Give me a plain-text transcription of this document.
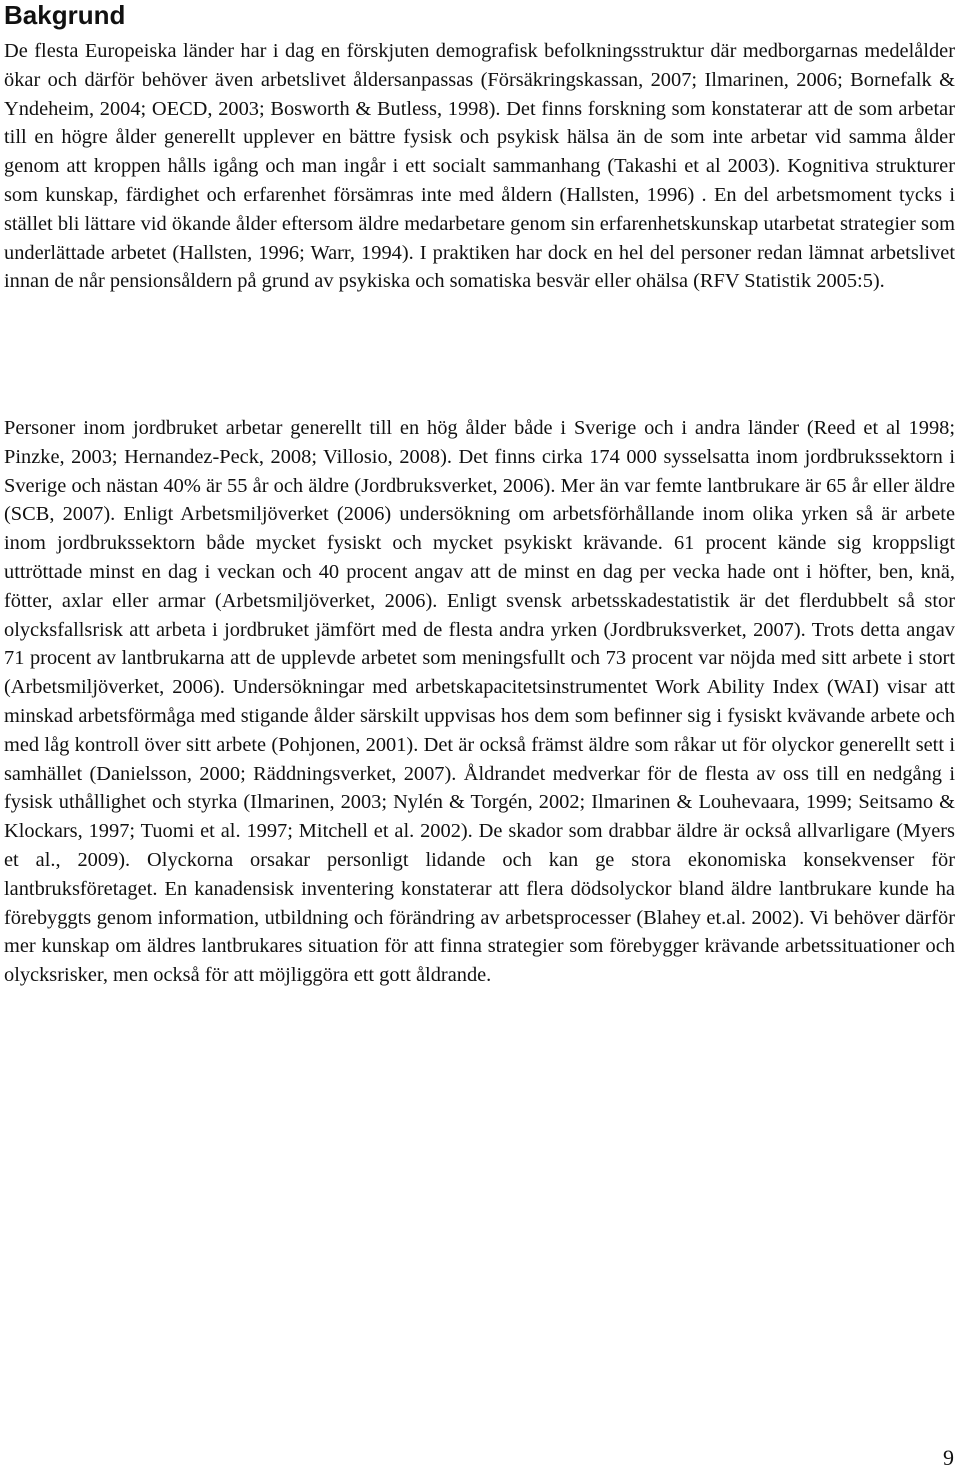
Bakgrund

De flesta Europeiska länder har i dag en förskjuten demografisk befolkningsstruktur där medborgarnas medelålder ökar och därför behöver även arbetslivet åldersanpassas (Försäkringskassan, 2007; Ilmarinen, 2006; Bornefalk & Yndeheim, 2004; OECD, 2003; Bosworth & Butless, 1998). Det finns forskning som konstaterar att de som arbetar till en högre ålder generellt upplever en bättre fysisk och psykisk hälsa än de som inte arbetar vid samma ålder genom att kroppen hålls igång och man ingår i ett socialt sammanhang (Takashi et al 2003). Kognitiva strukturer som kunskap, färdighet och erfarenhet försämras inte med åldern (Hallsten, 1996) . En del arbetsmoment tycks i stället bli lättare vid ökande ålder eftersom äldre medarbetare genom sin erfarenhetskunskap utarbetat strategier som underlättade arbetet (Hallsten, 1996; Warr, 1994). I praktiken har dock en hel del personer redan lämnat arbetslivet innan de når pensionsåldern på grund av psykiska och somatiska besvär eller ohälsa (RFV Statistik 2005:5).

Personer inom jordbruket arbetar generellt till en hög ålder både i Sverige och i andra länder (Reed et al 1998; Pinzke, 2003; Hernandez-Peck, 2008; Villosio, 2008). Det finns cirka 174 000 sysselsatta inom jordbrukssektorn i Sverige och nästan 40% är 55 år och äldre (Jordbruksverket, 2006). Mer än var femte lantbrukare är 65 år eller äldre (SCB, 2007). Enligt Arbetsmiljöverket (2006) undersökning om arbetsförhållande inom olika yrken så är arbete inom jordbrukssektorn både mycket fysiskt och mycket psykiskt krävande. 61 procent kände sig kroppsligt uttröttade minst en dag i veckan och 40 procent angav att de minst en dag per vecka hade ont i höfter, ben, knä, fötter, axlar eller armar (Arbetsmiljöverket, 2006). Enligt svensk arbetsskadestatistik är det flerdubbelt så stor olycksfallsrisk att arbeta i jordbruket jämfört med de flesta andra yrken (Jordbruksverket, 2007). Trots detta angav 71 procent av lantbrukarna att de upplevde arbetet som meningsfullt och 73 procent var nöjda med sitt arbete i stort (Arbetsmiljöverket, 2006). Undersökningar med arbetskapacitetsinstrumentet Work Ability Index (WAI) visar att minskad arbetsförmåga med stigande ålder särskilt uppvisas hos dem som befinner sig i fysiskt kvävande arbete och med låg kontroll över sitt arbete (Pohjonen, 2001). Det är också främst äldre som råkar ut för olyckor generellt sett i samhället (Danielsson, 2000; Räddningsverket, 2007). Åldrandet medverkar för de flesta av oss till en nedgång i fysisk uthållighet och styrka (Ilmarinen, 2003; Nylén & Torgén, 2002; Ilmarinen & Louhevaara, 1999; Seitsamo & Klockars, 1997; Tuomi et al. 1997; Mitchell et al. 2002). De skador som drabbar äldre är också allvarligare (Myers et al., 2009). Olyckorna orsakar personligt lidande och kan ge stora ekonomiska konsekvenser för lantbruksföretaget. En kanadensisk inventering konstaterar att flera dödsolyckor bland äldre lantbrukare kunde ha förebyggts genom information, utbildning och förändring av arbetsprocesser (Blahey et.al. 2002). Vi behöver därför mer kunskap om äldres lantbrukares situation för att finna strategier som förebygger krävande arbetssituationer och olycksrisker, men också för att möjliggöra ett gott åldrande.

9
